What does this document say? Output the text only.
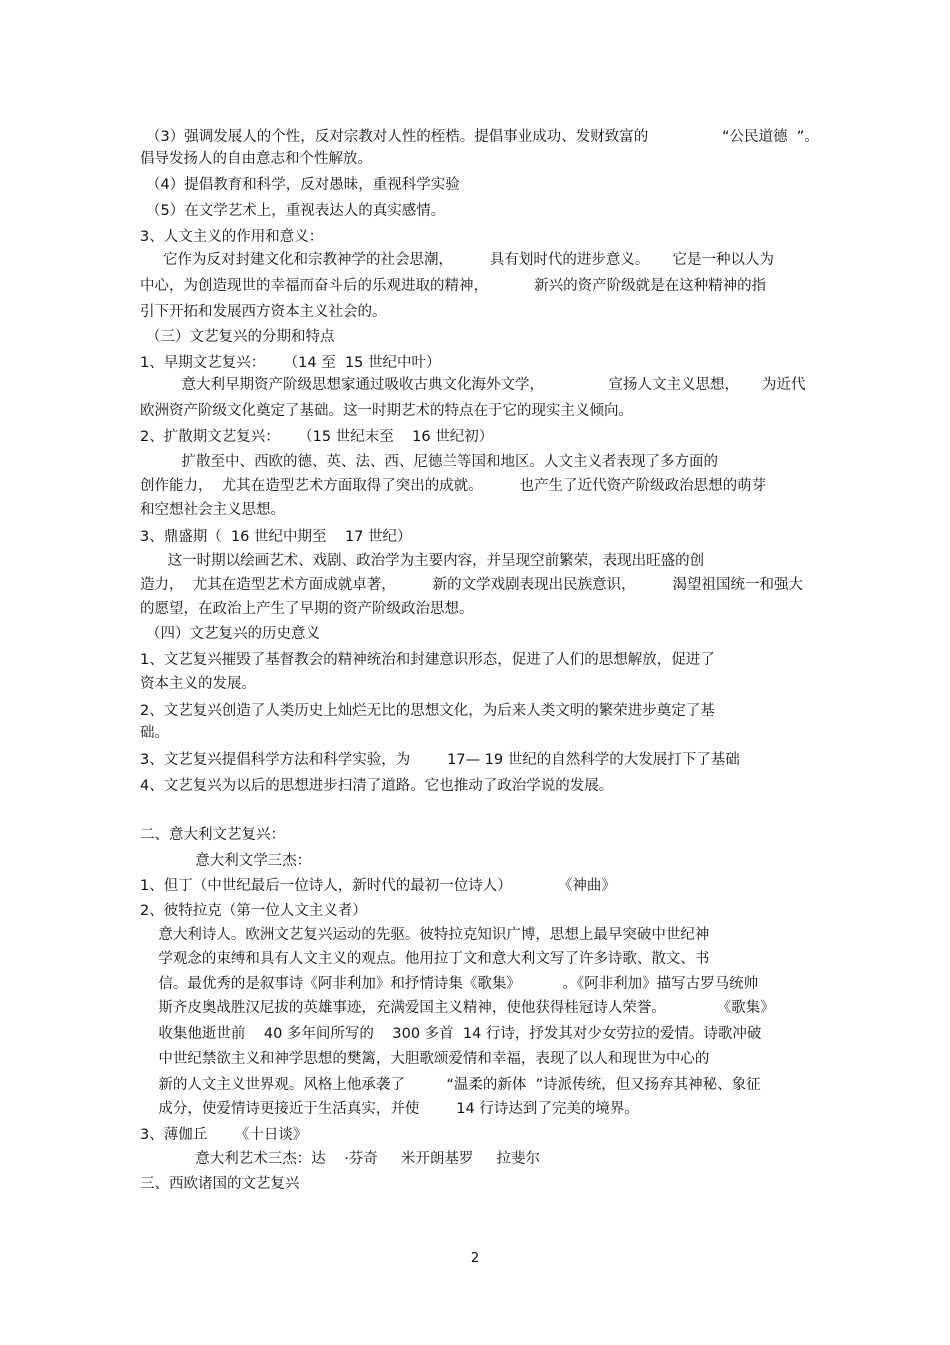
（3）强调发展人的个性，反对宗教对人性的桎梏。提倡事业成功、发财致富的                “公民道德  ”。
倡导发扬人的自由意志和个性解放。
（4）提倡教育和科学，反对愚昧，重视科学实验
（5）在文学艺术上，重视表达人的真实感情。
3、人文主义的作用和意义：
它作为反对封建文化和宗教神学的社会思潮，        具有划时代的进步意义。     它是一种以人为
中心，为创造现世的幸福而奋斗后的乐观进取的精神，          新兴的资产阶级就是在这种精神的指
引下开拓和发展西方资本主义社会的。
（三）文艺复兴的分期和特点
1、早期文艺复兴：    （14 至  15 世纪中叶）
意大利早期资产阶级思想家通过吸收古典文化海外文学，              宣扬人文主义思想，     为近代
欧洲资产阶级文化奠定了基础。这一时期艺术的特点在于它的现实主义倾向。
2、扩散期文艺复兴：    （15 世纪末至    16 世纪初）
扩散至中、西欧的德、英、法、西、尼德兰等国和地区。人文主义者表现了多方面的
创作能力，  尤其在造型艺术方面取得了突出的成就。        也产生了近代资产阶级政治思想的萌芽
和空想社会主义思想。
3、鼎盛期（  16 世纪中期至    17 世纪）
这一时期以绘画艺术、戏剧、政治学为主要内容，并呈现空前繁荣，表现出旺盛的创
造力，  尤其在造型艺术方面成就卓著，        新的文学戏剧表现出民族意识，        渴望祖国统一和强大
的愿望，在政治上产生了早期的资产阶级政治思想。
（四）文艺复兴的历史意义
1、文艺复兴摧毁了基督教会的精神统治和封建意识形态，促进了人们的思想解放，促进了
资本主义的发展。
2、文艺复兴创造了人类历史上灿烂无比的思想文化，为后来人类文明的繁荣进步奠定了基
础。
3、文艺复兴提倡科学方法和科学实验，为        17— 19 世纪的自然科学的大发展打下了基础
4、文艺复兴为以后的思想进步扫清了道路。它也推动了政治学说的发展。
二、意大利文艺复兴：
意大利文学三杰：
1、但丁（中世纪最后一位诗人，新时代的最初一位诗人）          《神曲》
2、彼特拉克（第一位人文主义者）
意大利诗人。欧洲文艺复兴运动的先驱。彼特拉克知识广博，思想上最早突破中世纪神
学观念的束缚和具有人文主义的观点。他用拉丁文和意大利文写了许多诗歌、散文、书
信。最优秀的是叙事诗《阿非利加》和抒情诗集《歌集》         。《阿非利加》描写古罗马统帅
斯齐皮奥战胜汉尼拔的英雄事迹，充满爱国主义精神，使他获得桂冠诗人荣誉。           《歌集》
收集他逝世前    40 多年间所写的    300 多首  14 行诗，抒发其对少女劳拉的爱情。诗歌冲破
中世纪禁欲主义和神学思想的樊篱，大胆歌颂爱情和幸福，表现了以人和现世为中心的
新的人文主义世界观。风格上他承袭了         “温柔的新体  ”诗派传统，但又扬弃其神秘、象征
成分，使爱情诗更接近于生活真实，并使        14 行诗达到了完美的境界。
3、薄伽丘      《十日谈》
意大利艺术三杰：达    ·芬奇     米开朗基罗     拉斐尔
三、西欧诸国的文艺复兴
2
